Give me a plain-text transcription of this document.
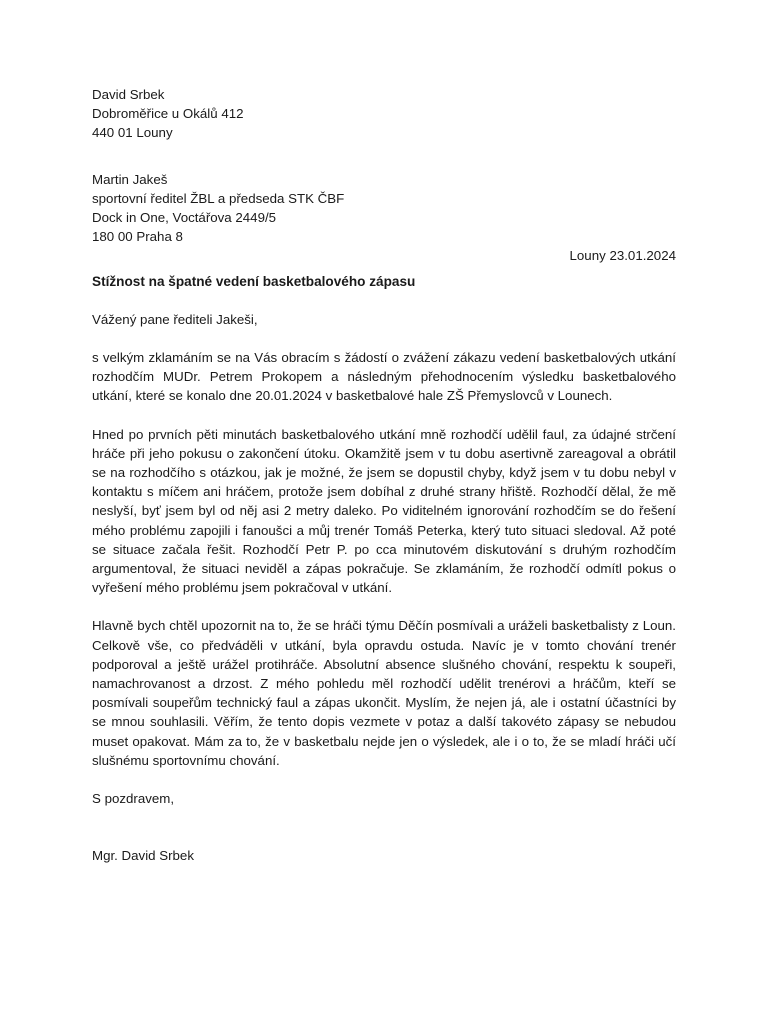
David Srbek
Dobroměřice u Okálů 412
440 01 Louny
Martin Jakeš
sportovní ředitel ŽBL a předseda STK ČBF
Dock in One, Voctářova 2449/5
180 00 Praha 8
Louny 23.01.2024
Stížnost na špatné vedení basketbalového zápasu
Vážený pane řediteli Jakeši,
s velkým zklamáním se na Vás obracím s žádostí o zvážení zákazu vedení basketbalových utkání rozhodčím MUDr. Petrem Prokopem a následným přehodnocením výsledku basketbalového utkání, které se konalo dne 20.01.2024 v basketbalové hale ZŠ Přemyslovců v Lounech.
Hned po prvních pěti minutách basketbalového utkání mně rozhodčí udělil faul, za údajné strčení hráče při jeho pokusu o zakončení útoku. Okamžitě jsem v tu dobu asertivně zareagoval a obrátil se na rozhodčího s otázkou, jak je možné, že jsem se dopustil chyby, když jsem v tu dobu nebyl v kontaktu s míčem ani hráčem, protože jsem dobíhal z druhé strany hřiště. Rozhodčí dělal, že mě neslyší, byť jsem byl od něj asi 2 metry daleko. Po viditelném ignorování rozhodčím se do řešení mého problému zapojili i fanoušci a můj trenér Tomáš Peterka, který tuto situaci sledoval. Až poté se situace začala řešit. Rozhodčí Petr P. po cca minutovém diskutování s druhým rozhodčím argumentoval, že situaci neviděl a zápas pokračuje. Se zklamáním, že rozhodčí odmítl pokus o vyřešení mého problému jsem pokračoval v utkání.
Hlavně bych chtěl upozornit na to, že se hráči týmu Děčín posmívali a uráželi basketbalisty z Loun. Celkově vše, co předváděli v utkání, byla opravdu ostuda. Navíc je v tomto chování trenér podporoval a ještě urážel protihráče. Absolutní absence slušného chování, respektu k soupeři, namachrovanost a drzost. Z mého pohledu měl rozhodčí udělit trenérovi a hráčům, kteří se posmívali soupeřům technický faul a zápas ukončit. Myslím, že nejen já, ale i ostatní účastníci by se mnou souhlasili. Věřím, že tento dopis vezmete v potaz a další takovéto zápasy se nebudou muset opakovat. Mám za to, že v basketbalu nejde jen o výsledek, ale i o to, že se mladí hráči učí slušnému sportovnímu chování.
S pozdravem,
Mgr. David Srbek
